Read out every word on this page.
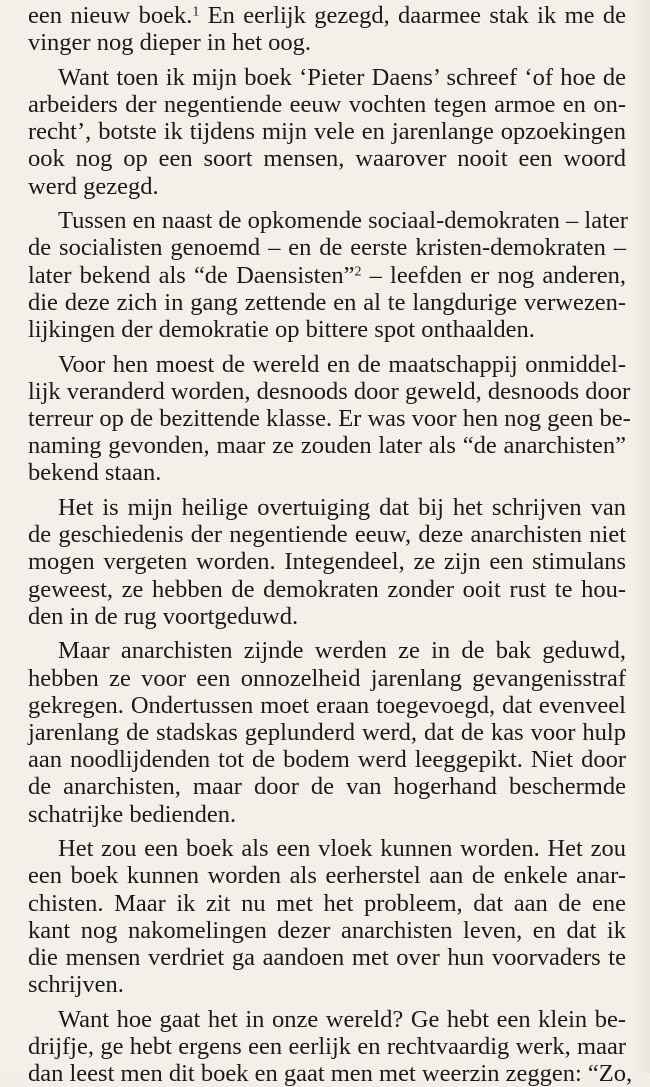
een nieuw boek.$^1$ En eerlijk gezegd, daarmee stak ik me de
vinger nog dieper in het oog.
Want toen ik mijn boek ‘Pieter Daens’ schreef ‘of hoe de
arbeiders der negentiende eeuw vochten tegen armoe en on-
recht’, botste ik tijdens mijn vele en jarenlange opzoekingen
ook nog op een soort mensen, waarover nooit een woord
werd gezegd.
Tussen en naast de opkomende sociaal-demokraten – later
de socialisten genoemd – en de eerste kristen-demokraten –
later bekend als “de Daensisten”$^2$ – leefden er nog anderen,
die deze zich in gang zettende en al te langdurige verwezen-
lijkingen der demokratie op bittere spot onthaalden.
Voor hen moest de wereld en de maatschappij onmiddel-
lijk veranderd worden, desnoods door geweld, desnoods door
terreur op de bezittende klasse. Er was voor hen nog geen be-
naming gevonden, maar ze zouden later als “de anarchisten”
bekend staan.
Het is mijn heilige overtuiging dat bij het schrijven van
de geschiedenis der negentiende eeuw, deze anarchisten niet
mogen vergeten worden. Integendeel, ze zijn een stimulans
geweest, ze hebben de demokraten zonder ooit rust te hou-
den in de rug voortgeduwd.
Maar anarchisten zijnde werden ze in de bak geduwd,
hebben ze voor een onnozelheid jarenlang gevangenisstraf
gekregen. Ondertussen moet eraan toegevoegd, dat evenveel
jarenlang de stadskas geplunderd werd, dat de kas voor hulp
aan noodlijdenden tot de bodem werd leeggepikt. Niet door
de anarchisten, maar door de van hogerhand beschermde
schatrijke bedienden.
Het zou een boek als een vloek kunnen worden. Het zou
een boek kunnen worden als eerherstel aan de enkele anar-
chisten. Maar ik zit nu met het probleem, dat aan de ene
kant nog nakomelingen dezer anarchisten leven, en dat ik
die mensen verdriet ga aandoen met over hun voorvaders te
schrijven.
Want hoe gaat het in onze wereld? Ge hebt een klein be-
drijfje, ge hebt ergens een eerlijk en rechtvaardig werk, maar
dan leest men dit boek en gaat men met weerzin zeggen: “Zo,
